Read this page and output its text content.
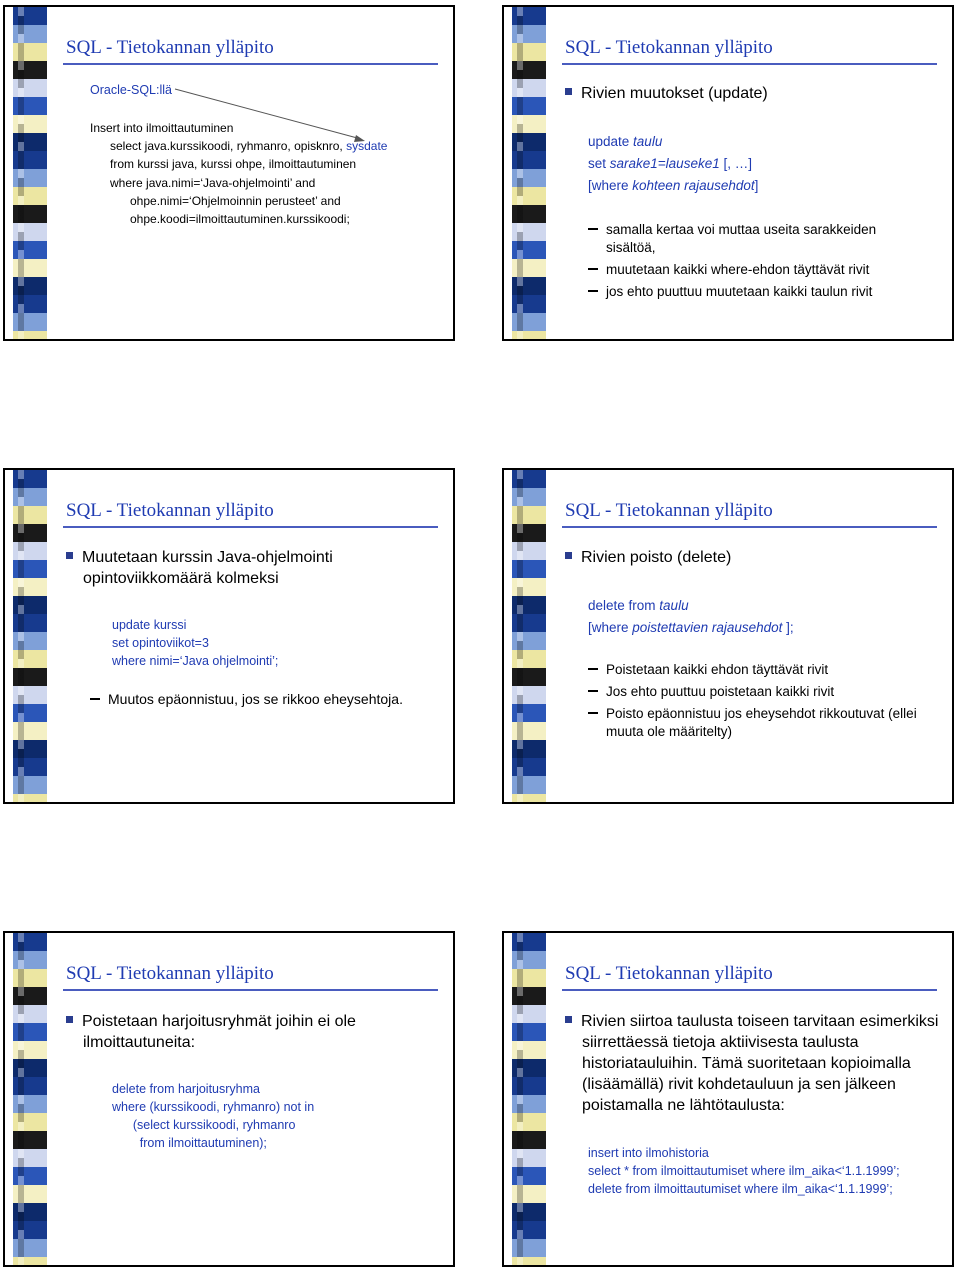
SQL - Tietokannan ylläpito
Oracle-SQL:llä
Insert into ilmoittautuminen
select java.kurssikoodi, ryhmanro, opisknro, sysdate
from kurssi java, kurssi ohpe, ilmoittautuminen
where java.nimi=‘Java-ohjelmointi’ and
ohpe.nimi=‘Ohjelmoinnin perusteet’ and
ohpe.koodi=ilmoittautuminen.kurssikoodi;
SQL - Tietokannan ylläpito
Rivien muutokset (update)
update taulu
set sarake1=lauseke1 [, …]
[where kohteen rajausehdot]
samalla kertaa voi muttaa useita sarakkeiden sisältöä,
muutetaan kaikki where-ehdon täyttävät rivit
jos ehto puuttuu muutetaan kaikki taulun rivit
SQL - Tietokannan ylläpito
Muutetaan kurssin Java-ohjelmointi opintoviikkomäärä kolmeksi
update kurssi
set opintoviikot=3
where nimi=‘Java ohjelmointi’;
Muutos epäonnistuu, jos se rikkoo eheysehtoja.
SQL - Tietokannan ylläpito
Rivien poisto (delete)
delete from taulu
[where poistettavien rajausehdot ];
Poistetaan kaikki ehdon täyttävät rivit
Jos ehto puuttuu poistetaan kaikki rivit
Poisto epäonnistuu jos eheysehdot rikkoutuvat (ellei muuta ole määritelty)
SQL - Tietokannan ylläpito
Poistetaan harjoitusryhmät joihin ei ole ilmoittautuneita:
delete from harjoitusryhma
where (kurssikoodi, ryhmanro) not in
(select kurssikoodi, ryhmanro
from ilmoittautuminen);
SQL - Tietokannan ylläpito
Rivien siirtoa taulusta toiseen tarvitaan esimerkiksi siirrettäessä tietoja aktiivisesta taulusta historiatauluihin. Tämä suoritetaan kopioimalla (lisäämällä) rivit kohdetauluun ja sen jälkeen poistamalla ne lähtötaulusta:
insert into ilmohistoria
select * from ilmoittautumiset where ilm_aika<‘1.1.1999’;
delete from ilmoittautumiset where ilm_aika<‘1.1.1999’;
